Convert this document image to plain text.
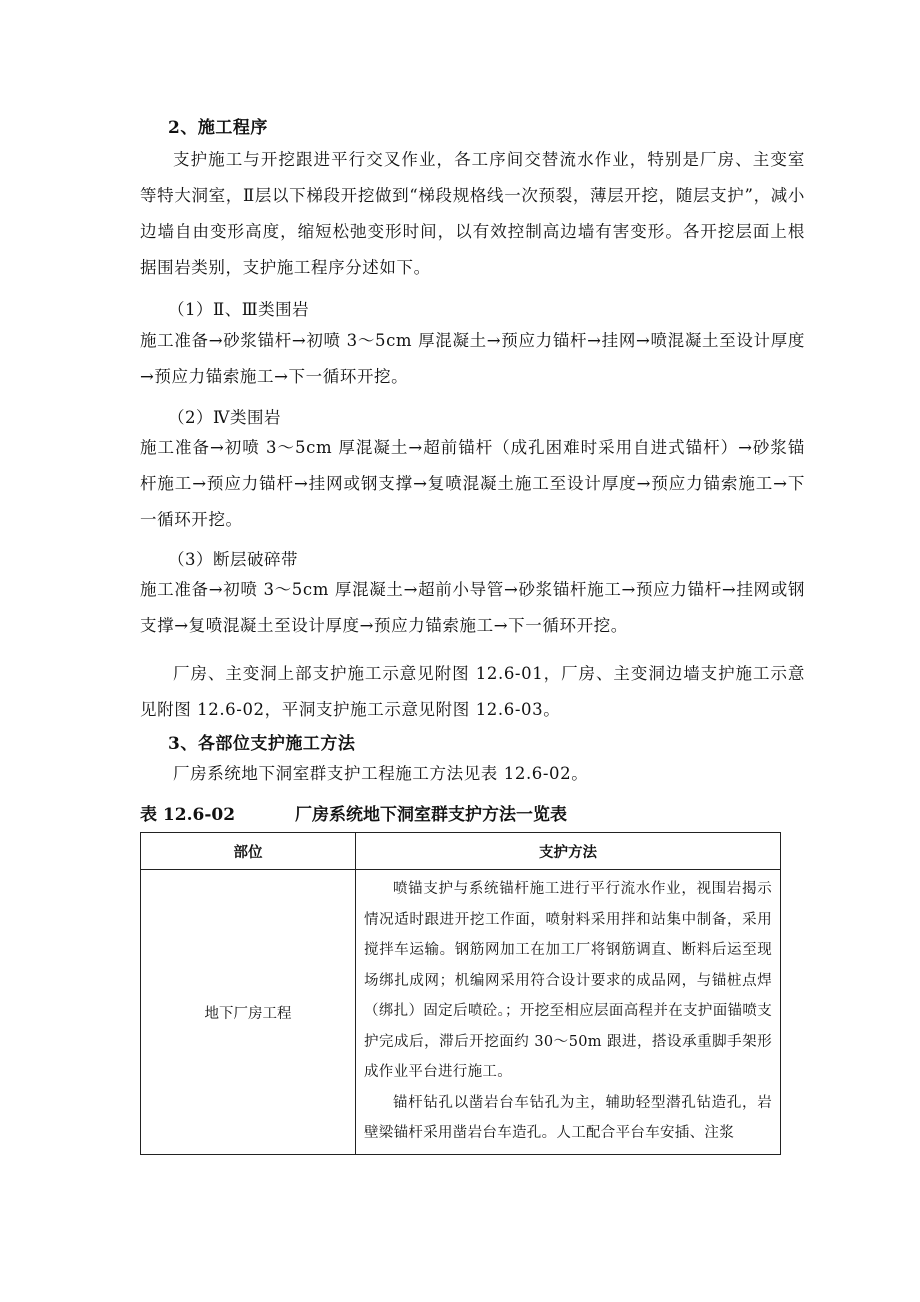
2、施工程序
支护施工与开挖跟进平行交叉作业，各工序间交替流水作业，特别是厂房、主变室等特大洞室，Ⅱ层以下梯段开挖做到“梯段规格线一次预裂，薄层开挖，随层支护”，减小边墙自由变形高度，缩短松弛变形时间，以有效控制高边墙有害变形。各开挖层面上根据围岩类别，支护施工程序分述如下。
（1）Ⅱ、Ⅲ类围岩
施工准备→砂浆锚杆→初喷 3～5cm 厚混凝土→预应力锚杆→挂网→喷混凝土至设计厚度→预应力锚索施工→下一循环开挖。
（2）Ⅳ类围岩
施工准备→初喷 3～5cm 厚混凝土→超前锚杆（成孔困难时采用自进式锚杆）→砂浆锚杆施工→预应力锚杆→挂网或钢支撑→复喷混凝土施工至设计厚度→预应力锚索施工→下一循环开挖。
（3）断层破碎带
施工准备→初喷 3～5cm 厚混凝土→超前小导管→砂浆锚杆施工→预应力锚杆→挂网或钢支撑→复喷混凝土至设计厚度→预应力锚索施工→下一循环开挖。
厂房、主变洞上部支护施工示意见附图 12.6-01，厂房、主变洞边墙支护施工示意见附图 12.6-02，平洞支护施工示意见附图 12.6-03。
3、各部位支护施工方法
厂房系统地下洞室群支护工程施工方法见表 12.6-02。
表 12.6-02	厂房系统地下洞室群支护方法一览表
部位	支护方法
地下厂房工程	喷锚支护与系统锚杆施工进行平行流水作业，视围岩揭示情况适时跟进开挖工作面，喷射料采用拌和站集中制备，采用搅拌车运输。钢筋网加工在加工厂将钢筋调直、断料后运至现场绑扎成网；机编网采用符合设计要求的成品网，与锚桩点焊（绑扎）固定后喷砼。；开挖至相应层面高程并在支护面锚喷支护完成后，滞后开挖面约 30～50m 跟进，搭设承重脚手架形成作业平台进行施工。

锚杆钻孔以凿岩台车钻孔为主，辅助轻型潜孔钻造孔，岩壁梁锚杆采用凿岩台车造孔。人工配合平台车安插、注浆
